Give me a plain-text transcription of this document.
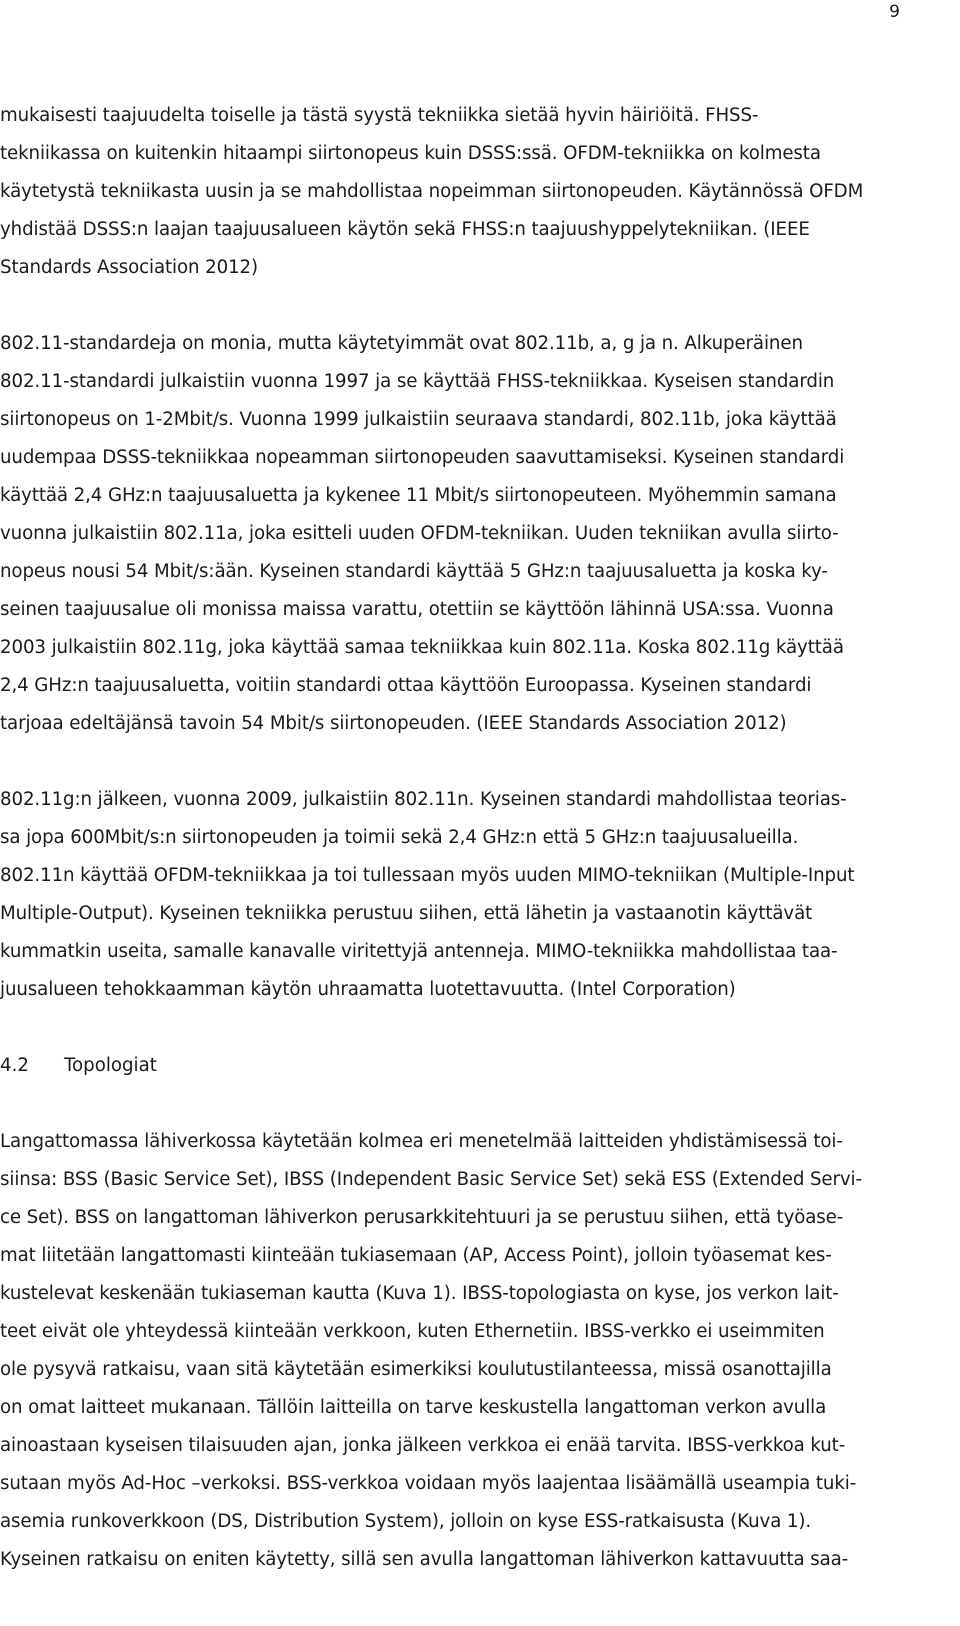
9
mukaisesti taajuudelta toiselle ja tästä syystä tekniikka sietää hyvin häiriöitä. FHSS-
tekniikassa on kuitenkin hitaampi siirtonopeus kuin DSSS:ssä. OFDM-tekniikka on kolmesta
käytetystä tekniikasta uusin ja se mahdollistaa nopeimman siirtonopeuden. Käytännössä OFDM
yhdistää DSSS:n laajan taajuusalueen käytön sekä FHSS:n taajuushyppelytekniikan. (IEEE
Standards Association 2012)
802.11-standardeja on monia, mutta käytetyimmät ovat 802.11b, a, g ja n. Alkuperäinen
802.11-standardi julkaistiin vuonna 1997 ja se käyttää FHSS-tekniikkaa. Kyseisen standardin
siirtonopeus on 1-2Mbit/s. Vuonna 1999 julkaistiin seuraava standardi, 802.11b, joka käyttää
uudempaa DSSS-tekniikkaa nopeamman siirtonopeuden saavuttamiseksi. Kyseinen standardi
käyttää 2,4 GHz:n taajuusaluetta ja kykenee 11 Mbit/s siirtonopeuteen. Myöhemmin samana
vuonna julkaistiin 802.11a, joka esitteli uuden OFDM-tekniikan. Uuden tekniikan avulla siirto-
nopeus nousi 54 Mbit/s:ään. Kyseinen standardi käyttää 5 GHz:n taajuusaluetta ja koska ky-
seinen taajuusalue oli monissa maissa varattu, otettiin se käyttöön lähinnä USA:ssa. Vuonna
2003 julkaistiin 802.11g, joka käyttää samaa tekniikkaa kuin 802.11a. Koska 802.11g käyttää
2,4 GHz:n taajuusaluetta, voitiin standardi ottaa käyttöön Euroopassa. Kyseinen standardi
tarjoaa edeltäjänsä tavoin 54 Mbit/s siirtonopeuden. (IEEE Standards Association 2012)
802.11g:n jälkeen, vuonna 2009, julkaistiin 802.11n. Kyseinen standardi mahdollistaa teorias-
sa jopa 600Mbit/s:n siirtonopeuden ja toimii sekä 2,4 GHz:n että 5 GHz:n taajuusalueilla.
802.11n käyttää OFDM-tekniikkaa ja toi tullessaan myös uuden MIMO-tekniikan (Multiple-Input
Multiple-Output). Kyseinen tekniikka perustuu siihen, että lähetin ja vastaanotin käyttävät
kummatkin useita, samalle kanavalle viritettyjä antenneja. MIMO-tekniikka mahdollistaa taa-
juusalueen tehokkaamman käytön uhraamatta luotettavuutta. (Intel Corporation)
4.2	Topologiat
Langattomassa lähiverkossa käytetään kolmea eri menetelmää laitteiden yhdistämisessä toi-
siinsa: BSS (Basic Service Set), IBSS (Independent Basic Service Set) sekä ESS (Extended Servi-
ce Set). BSS on langattoman lähiverkon perusarkkitehtuuri ja se perustuu siihen, että työase-
mat liitetään langattomasti kiinteään tukiasemaan (AP, Access Point), jolloin työasemat kes-
kustelevat keskenään tukiaseman kautta (Kuva 1). IBSS-topologiasta on kyse, jos verkon lait-
teet eivät ole yhteydessä kiinteään verkkoon, kuten Ethernetiin. IBSS-verkko ei useimmiten
ole pysyvä ratkaisu, vaan sitä käytetään esimerkiksi koulutustilanteessa, missä osanottajilla
on omat laitteet mukanaan. Tällöin laitteilla on tarve keskustella langattoman verkon avulla
ainoastaan kyseisen tilaisuuden ajan, jonka jälkeen verkkoa ei enää tarvita. IBSS-verkkoa kut-
sutaan myös Ad-Hoc –verkoksi. BSS-verkkoa voidaan myös laajentaa lisäämällä useampia tuki-
asemia runkoverkkoon (DS, Distribution System), jolloin on kyse ESS-ratkaisusta (Kuva 1).
Kyseinen ratkaisu on eniten käytetty, sillä sen avulla langattoman lähiverkon kattavuutta saa-
